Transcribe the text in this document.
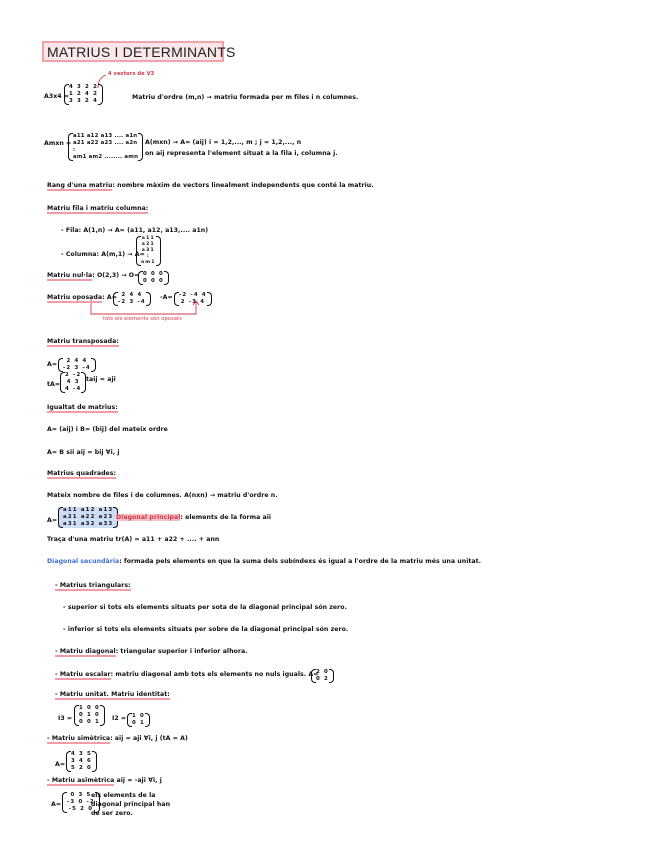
MATRIUS I DETERMINANTS
4 vectors de V3
A3x4 =
4 3 2 2
1 2 4 2
3 3 2 4	Matriu d'ordre (m,n) → matriu formada per m files i n columnes.
Amxn =
a11 a12 a13 .... a1n
a21 a22 a23 .... a2n
:
am1 am2 ........ amn
A(mxn) → A= (aij) i = 1,2,..., m ; j = 1,2,..., n
on aij representa l'element situat a la fila i, columna j.
Rang d'una matriu: nombre màxim de vectors linealment independents que conté la matriu.
Matriu fila i matriu columna:
- Fila: A(1,n) → A= (a11, a12, a13,.... a1n)
- Columna: A(m,1) → A=
a11
a21
a31
:
am1
Matriu nul·la: O(2,3) → O= 0 0 0
0 0 0
Matriu oposada: A= 2 4 4
-2 3 -4
-A= -2 -4 4
2 -3 4
tots els elements són oposats
Matriu transposada:
A=
2 4 4
-2 3 -4
tA=
2 -2
4 3
4 -4
taij = aji
Igualtat de matrius:
A= (aij) i B= (bij) del mateix ordre
A= B sii aij = bij ∀i, j
Matrius quadrades:
Mateix nombre de files i de columnes. A(nxn) → matriu d'ordre n.
A=
a11 a12 a13
a21 a22 a23
a31 a32 a33
Diagonal principal: elements de la forma aii
Traça d'una matriu tr(A) = a11 + a22 + .... + ann
Diagonal secundària: formada pels elements en que la suma dels subíndexs és igual a l'ordre de la matriu més una unitat.
- Matrius triangulars:
- superior si tots els elements situats per sota de la diagonal principal són zero.
- inferior si tots els elements situats per sobre de la diagonal principal són zero.
- Matriu diagonal: triangular superior i inferior alhora.
- Matriu escalar: matriu diagonal amb tots els elements no nuls iguals. A=
2 0
0 2
- Matriu unitat. Matriu identitat:
I3 =
1 0 0
0 1 0
0 0 1 I2 = 1 0
0 1
- Matriu simètrica: aij = aji ∀i, j (tA = A)
A=
4 3 5
3 4 6
5 2 0
- Matriu asimètrica aij = -aji ∀i, j
A=
0 3 5
-3 0 -2
-5 2 0
els elements de la
diagonal principal han
de ser zero.
